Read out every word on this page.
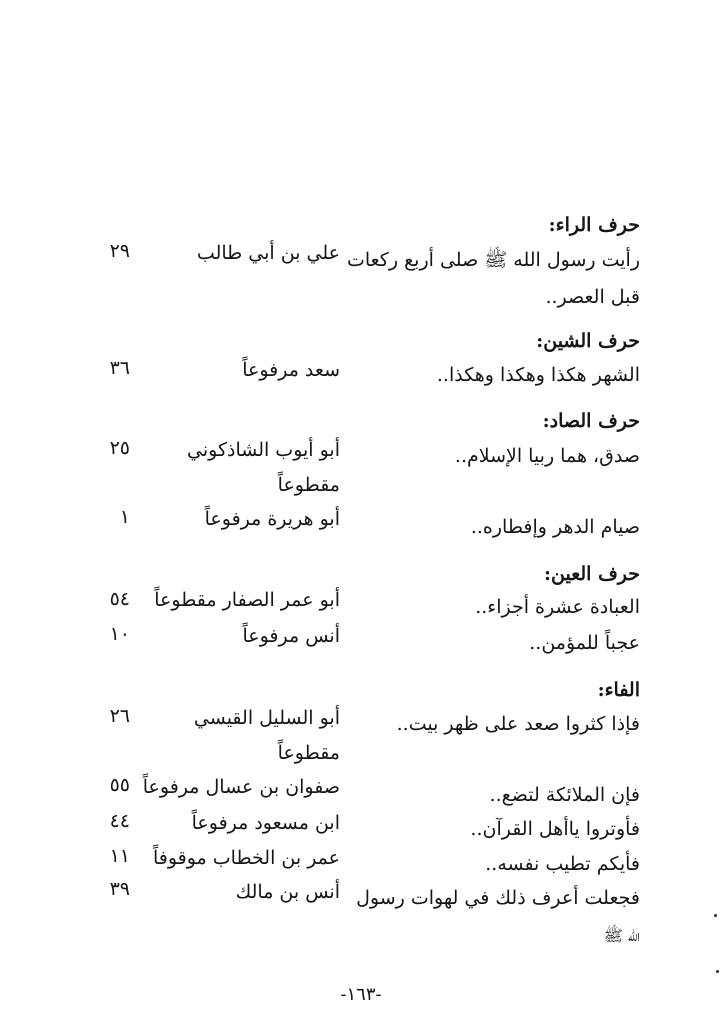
حرف الراء:
رأيت رسول الله ﷺ صلى أربع ركعات
علي بن أبي طالب
٢٩
قبل العصر..
حرف الشين:
الشهر هكذا وهكذا وهكذا..
سعد مرفوعاً
٣٦
حرف الصاد:
صدق، هما ربيا الإسلام..
أبو أيوب الشاذكوني
٢٥
مقطوعاً
صيام الدهر وإفطاره..
أبو هريرة مرفوعاً
١
حرف العين:
العبادة عشرة أجزاء..
أبو عمر الصفار مقطوعاً
٥٤
عجباً للمؤمن..
أنس مرفوعاً
١٠
الفاء:
فإذا كثروا صعد على ظهر بيت..
أبو السليل القيسي
٢٦
مقطوعاً
فإن الملائكة لتضع..
صفوان بن عسال مرفوعاً
٥٥
فأوتروا ياأهل القرآن..
ابن مسعود مرفوعاً
٤٤
فأيكم تطيب نفسه..
عمر بن الخطاب موقوفاً
١١
فجعلت أعرف ذلك في لهوات رسول
أنس بن مالك
٣٩
الله ﷺ
-١٦٣-
